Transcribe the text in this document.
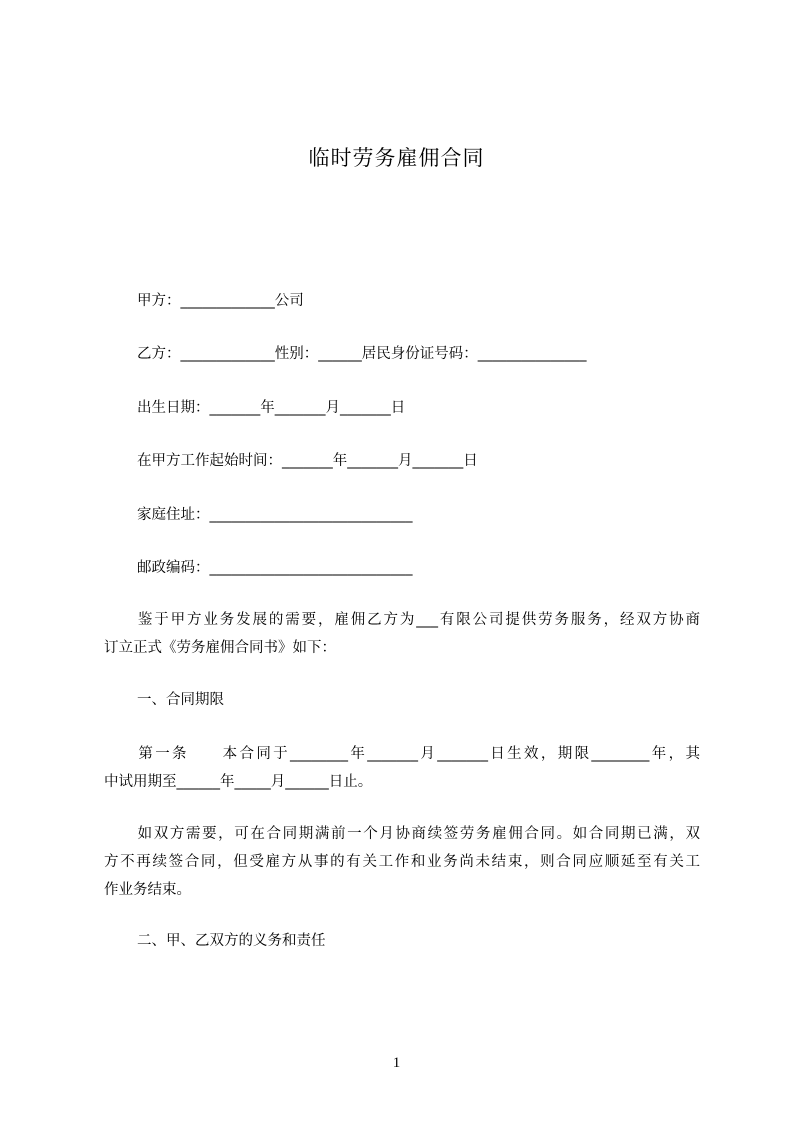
临时劳务雇佣合同
甲方：_____________公司
乙方：_____________性别：______居民身份证号码：_______________
出生日期：_______年_______月_______日
在甲方工作起始时间：_______年_______月_______日
家庭住址：____________________________
邮政编码：____________________________
鉴于甲方业务发展的需要，雇佣乙方为___有限公司提供劳务服务，经双方协商
订立正式《劳务雇佣合同书》如下：
一、合同期限
第一条　　本合同于________年_______月_______日生效，期限________年，其
中试用期至______年_____月______日止。
如双方需要，可在合同期满前一个月协商续签劳务雇佣合同。如合同期已满，双
方不再续签合同，但受雇方从事的有关工作和业务尚未结束，则合同应顺延至有关工
作业务结束。
二、甲、乙双方的义务和责任
1
